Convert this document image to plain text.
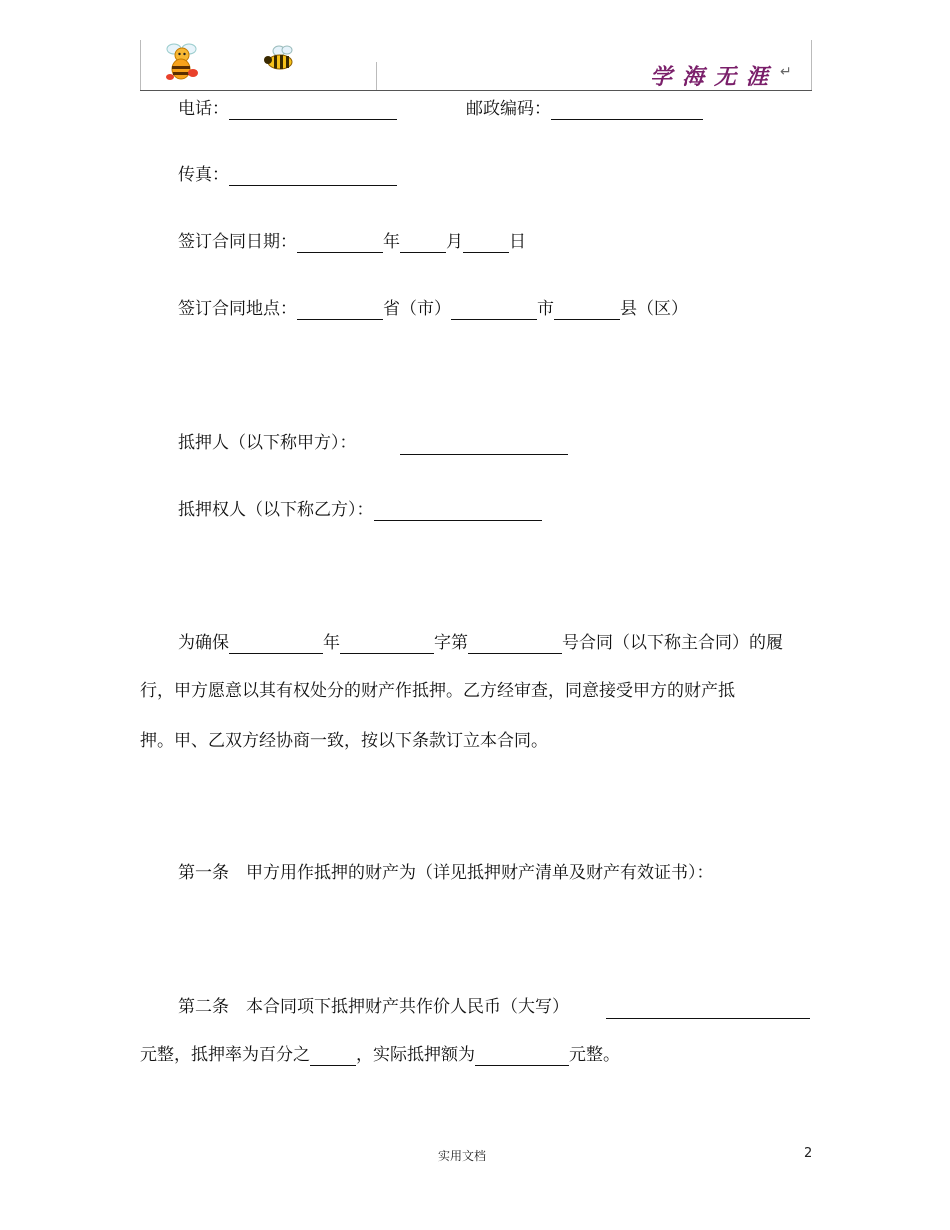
学海无涯 ↵
电话：	邮政编码：
传真：
签订合同日期：	年	月	日
签订合同地点：	省（市）	市	县（区）
抵押人（以下称甲方）：
抵押权人（以下称乙方）：
为确保	年	字第	号合同（以下称主合同）的履
行，甲方愿意以其有权处分的财产作抵押。乙方经审查，同意接受甲方的财产抵
押。甲、乙双方经协商一致，按以下条款订立本合同。
第一条　甲方用作抵押的财产为（详见抵押财产清单及财产有效证书）：
第二条　本合同项下抵押财产共作价人民币（大写）
元整，抵押率为百分之	，实际抵押额为	元整。
实用文档	2
